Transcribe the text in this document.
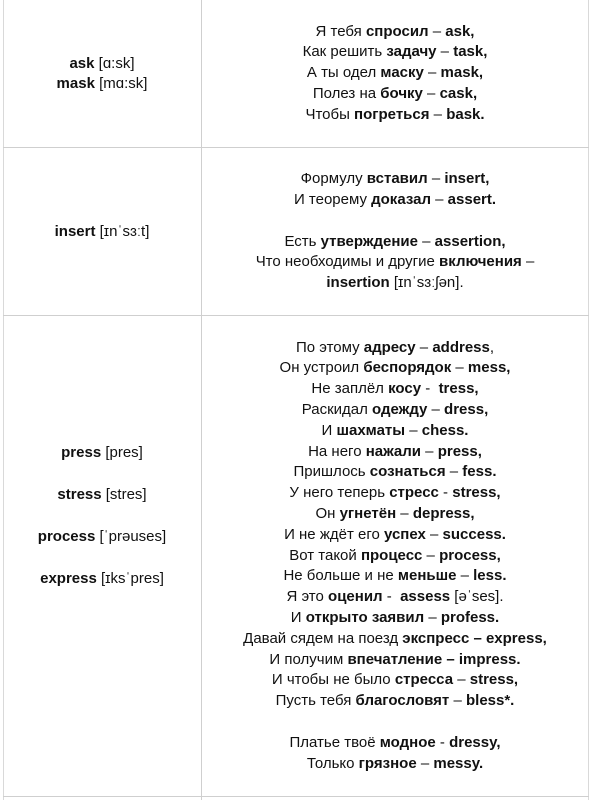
ask [ɑ:sk]
mask [mɑ:sk]
Я тебя спросил – ask,
Как решить задачу – task,
А ты одел маску – mask,
Полез на бочку – cask,
Чтобы погреться – bask.
insert [ɪnˈsɜːt]
Формулу вставил – insert,
И теорему доказал – assert.
Есть утверждение – assertion,
Что необходимы и другие включения –
insertion [ɪnˈsɜːʃən].
press [pres]
stress [stres]
process [ˈprəuses]
express [ɪksˈpres]
По этому адресу – address,
Он устроил беспорядок – mess,
Не заплёл косу -  tress,
Раскидал одежду – dress,
И шахматы – chess.
На него нажали – press,
Пришлось сознаться – fess.
У него теперь стресс - stress,
Он угнетён – depress,
И не ждёт его успех – success.
Вот такой процесс – process,
Не больше и не меньше – less.
Я это оценил -  assess [əˈses].
И открыто заявил – profess.
Давай сядем на поезд экспресс – express,
И получим впечатление – impress.
И чтобы не было стресса – stress,
Пусть тебя благословят – bless*.
Платье твоё модное - dressy,
Только грязное – messy.
